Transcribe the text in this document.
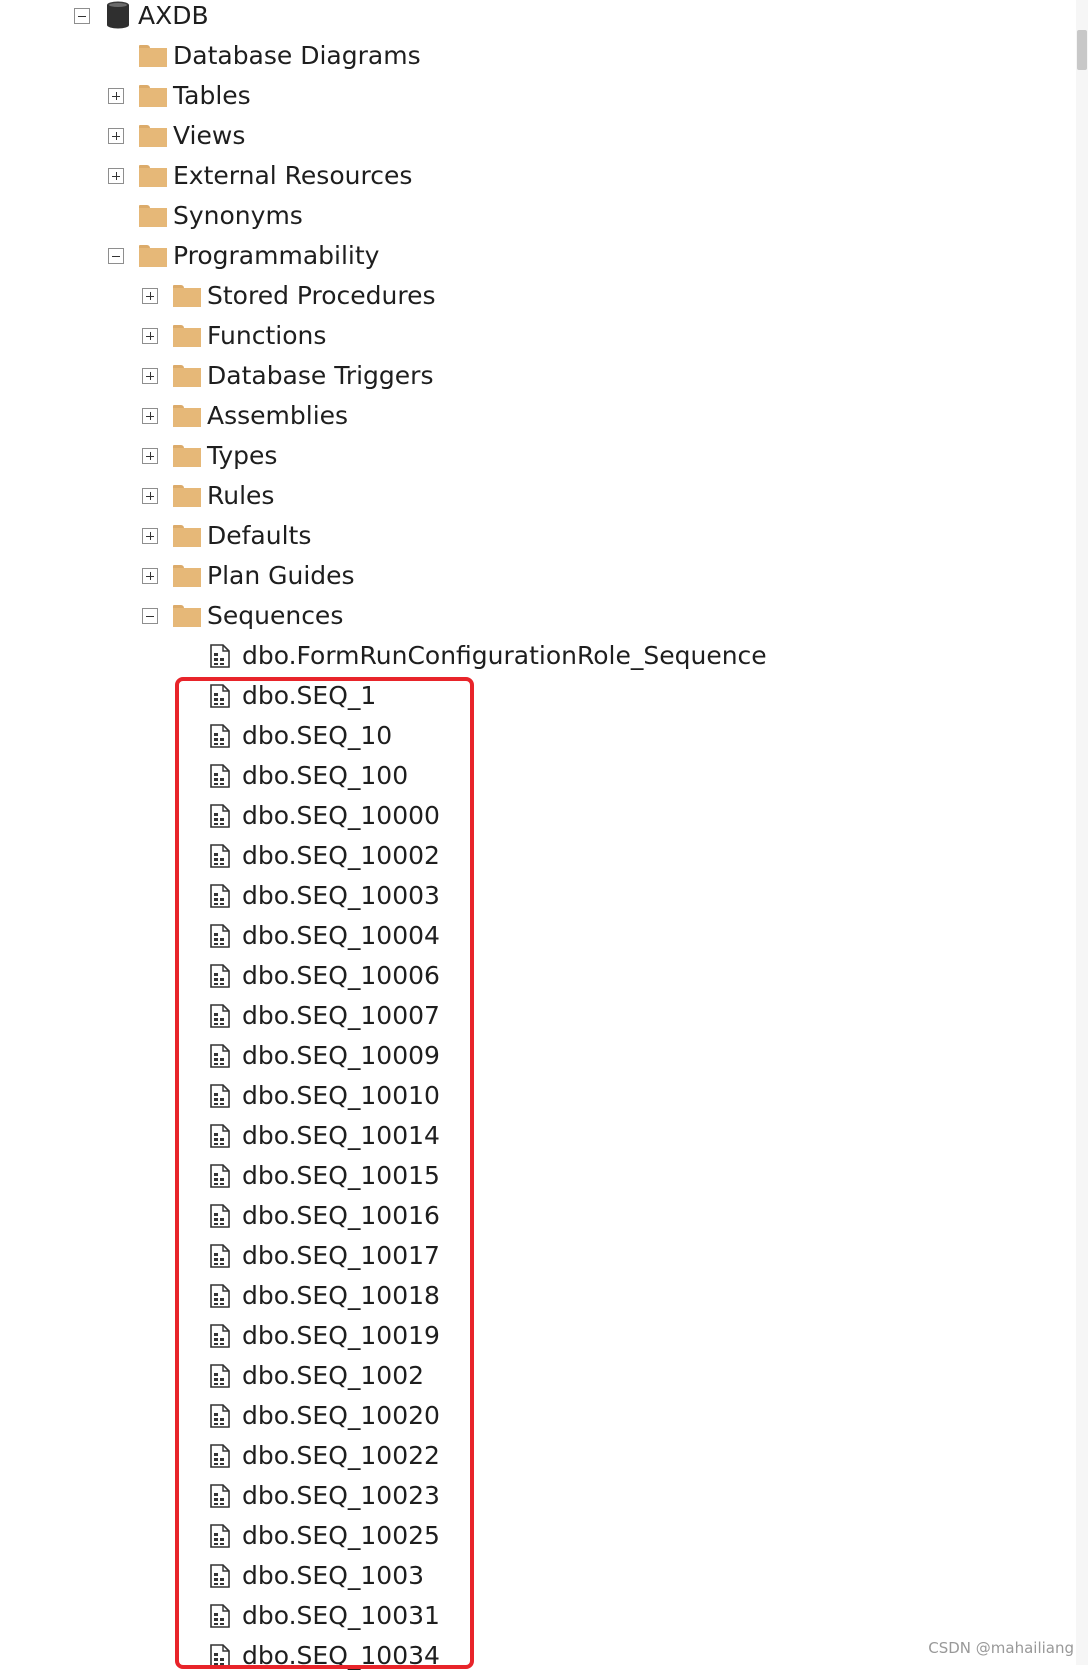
AXDB
Database Diagrams
Tables
Views
External Resources
Synonyms
Programmability
Stored Procedures
Functions
Database Triggers
Assemblies
Types
Rules
Defaults
Plan Guides
Sequences
dbo.FormRunConfigurationRole_Sequence
dbo.SEQ_1
dbo.SEQ_10
dbo.SEQ_100
dbo.SEQ_10000
dbo.SEQ_10002
dbo.SEQ_10003
dbo.SEQ_10004
dbo.SEQ_10006
dbo.SEQ_10007
dbo.SEQ_10009
dbo.SEQ_10010
dbo.SEQ_10014
dbo.SEQ_10015
dbo.SEQ_10016
dbo.SEQ_10017
dbo.SEQ_10018
dbo.SEQ_10019
dbo.SEQ_1002
dbo.SEQ_10020
dbo.SEQ_10022
dbo.SEQ_10023
dbo.SEQ_10025
dbo.SEQ_1003
dbo.SEQ_10031
dbo.SEQ_10034	CSDN @mahailiang
